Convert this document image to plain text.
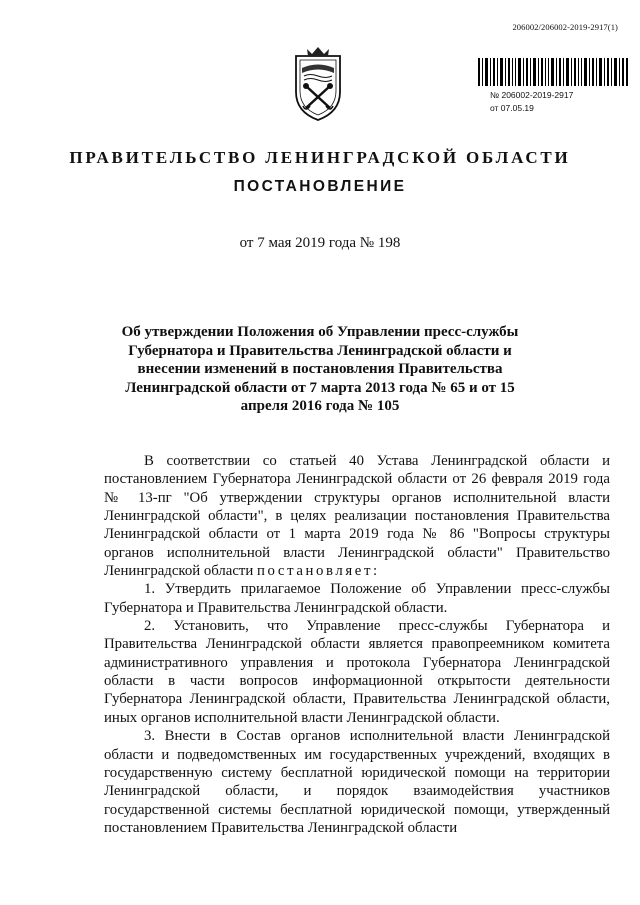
206002/206002-2019-2917(1)
№ 206002-2019-2917
от 07.05.19
ПРАВИТЕЛЬСТВО ЛЕНИНГРАДСКОЙ ОБЛАСТИ
ПОСТАНОВЛЕНИЕ
от 7 мая 2019 года № 198
Об утверждении Положения об Управлении пресс-службы Губернатора и Правительства Ленинградской области и внесении изменений в постановления Правительства Ленинградской области от 7 марта 2013 года № 65 и от 15 апреля 2016 года № 105

В соответствии со статьей 40 Устава Ленинградской области и постановлением Губернатора Ленинградской области от 26 февраля 2019 года № 13-пг "Об утверждении структуры органов исполнительной власти Ленинградской области", в целях реализации постановления Правительства Ленинградской области от 1 марта 2019 года № 86 "Вопросы структуры органов исполнительной власти Ленинградской области" Правительство Ленинградской области постановляет:

1. Утвердить прилагаемое Положение об Управлении пресс-службы Губернатора и Правительства Ленинградской области.

2. Установить, что Управление пресс-службы Губернатора и Правительства Ленинградской области является правопреемником комитета административного управления и протокола Губернатора Ленинградской области в части вопросов информационной открытости деятельности Губернатора Ленинградской области, Правительства Ленинградской области, иных органов исполнительной власти Ленинградской области.

3. Внести в Состав органов исполнительной власти Ленинградской области и подведомственных им государственных учреждений, входящих в государственную систему бесплатной юридической помощи на территории Ленинградской области, и порядок взаимодействия участников государственной системы бесплатной юридической помощи, утвержденный постановлением Правительства Ленинградской области
